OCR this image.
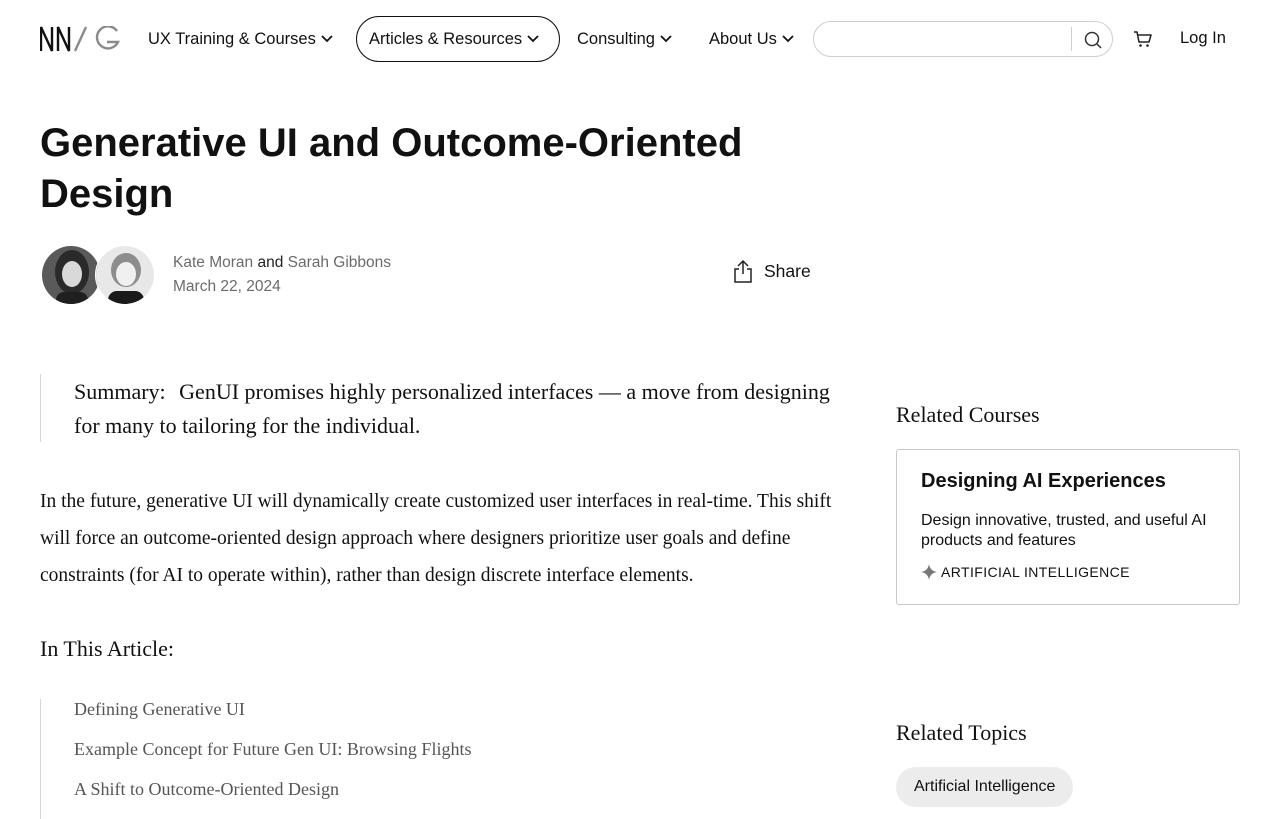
UX Training & Courses	Articles & Resources	Consulting	About Us	Log In
Generative UI and Outcome-Oriented Design
Kate Moran and Sarah Gibbons
March 22, 2024
Share
Summary: GenUI promises highly personalized interfaces — a move from designing for many to tailoring for the individual.

In the future, generative UI will dynamically create customized user interfaces in real-time. This shift will force an outcome-oriented design approach where designers prioritize user goals and define constraints (for AI to operate within), rather than design discrete interface elements.

In This Article:
Defining Generative UI
Example Concept for Future Gen UI: Browsing Flights
A Shift to Outcome-Oriented Design
Related Courses

Designing AI Experiences

Design innovative, trusted, and useful AI products and features
ARTIFICIAL INTELLIGENCE
Related Topics
Artificial Intelligence
